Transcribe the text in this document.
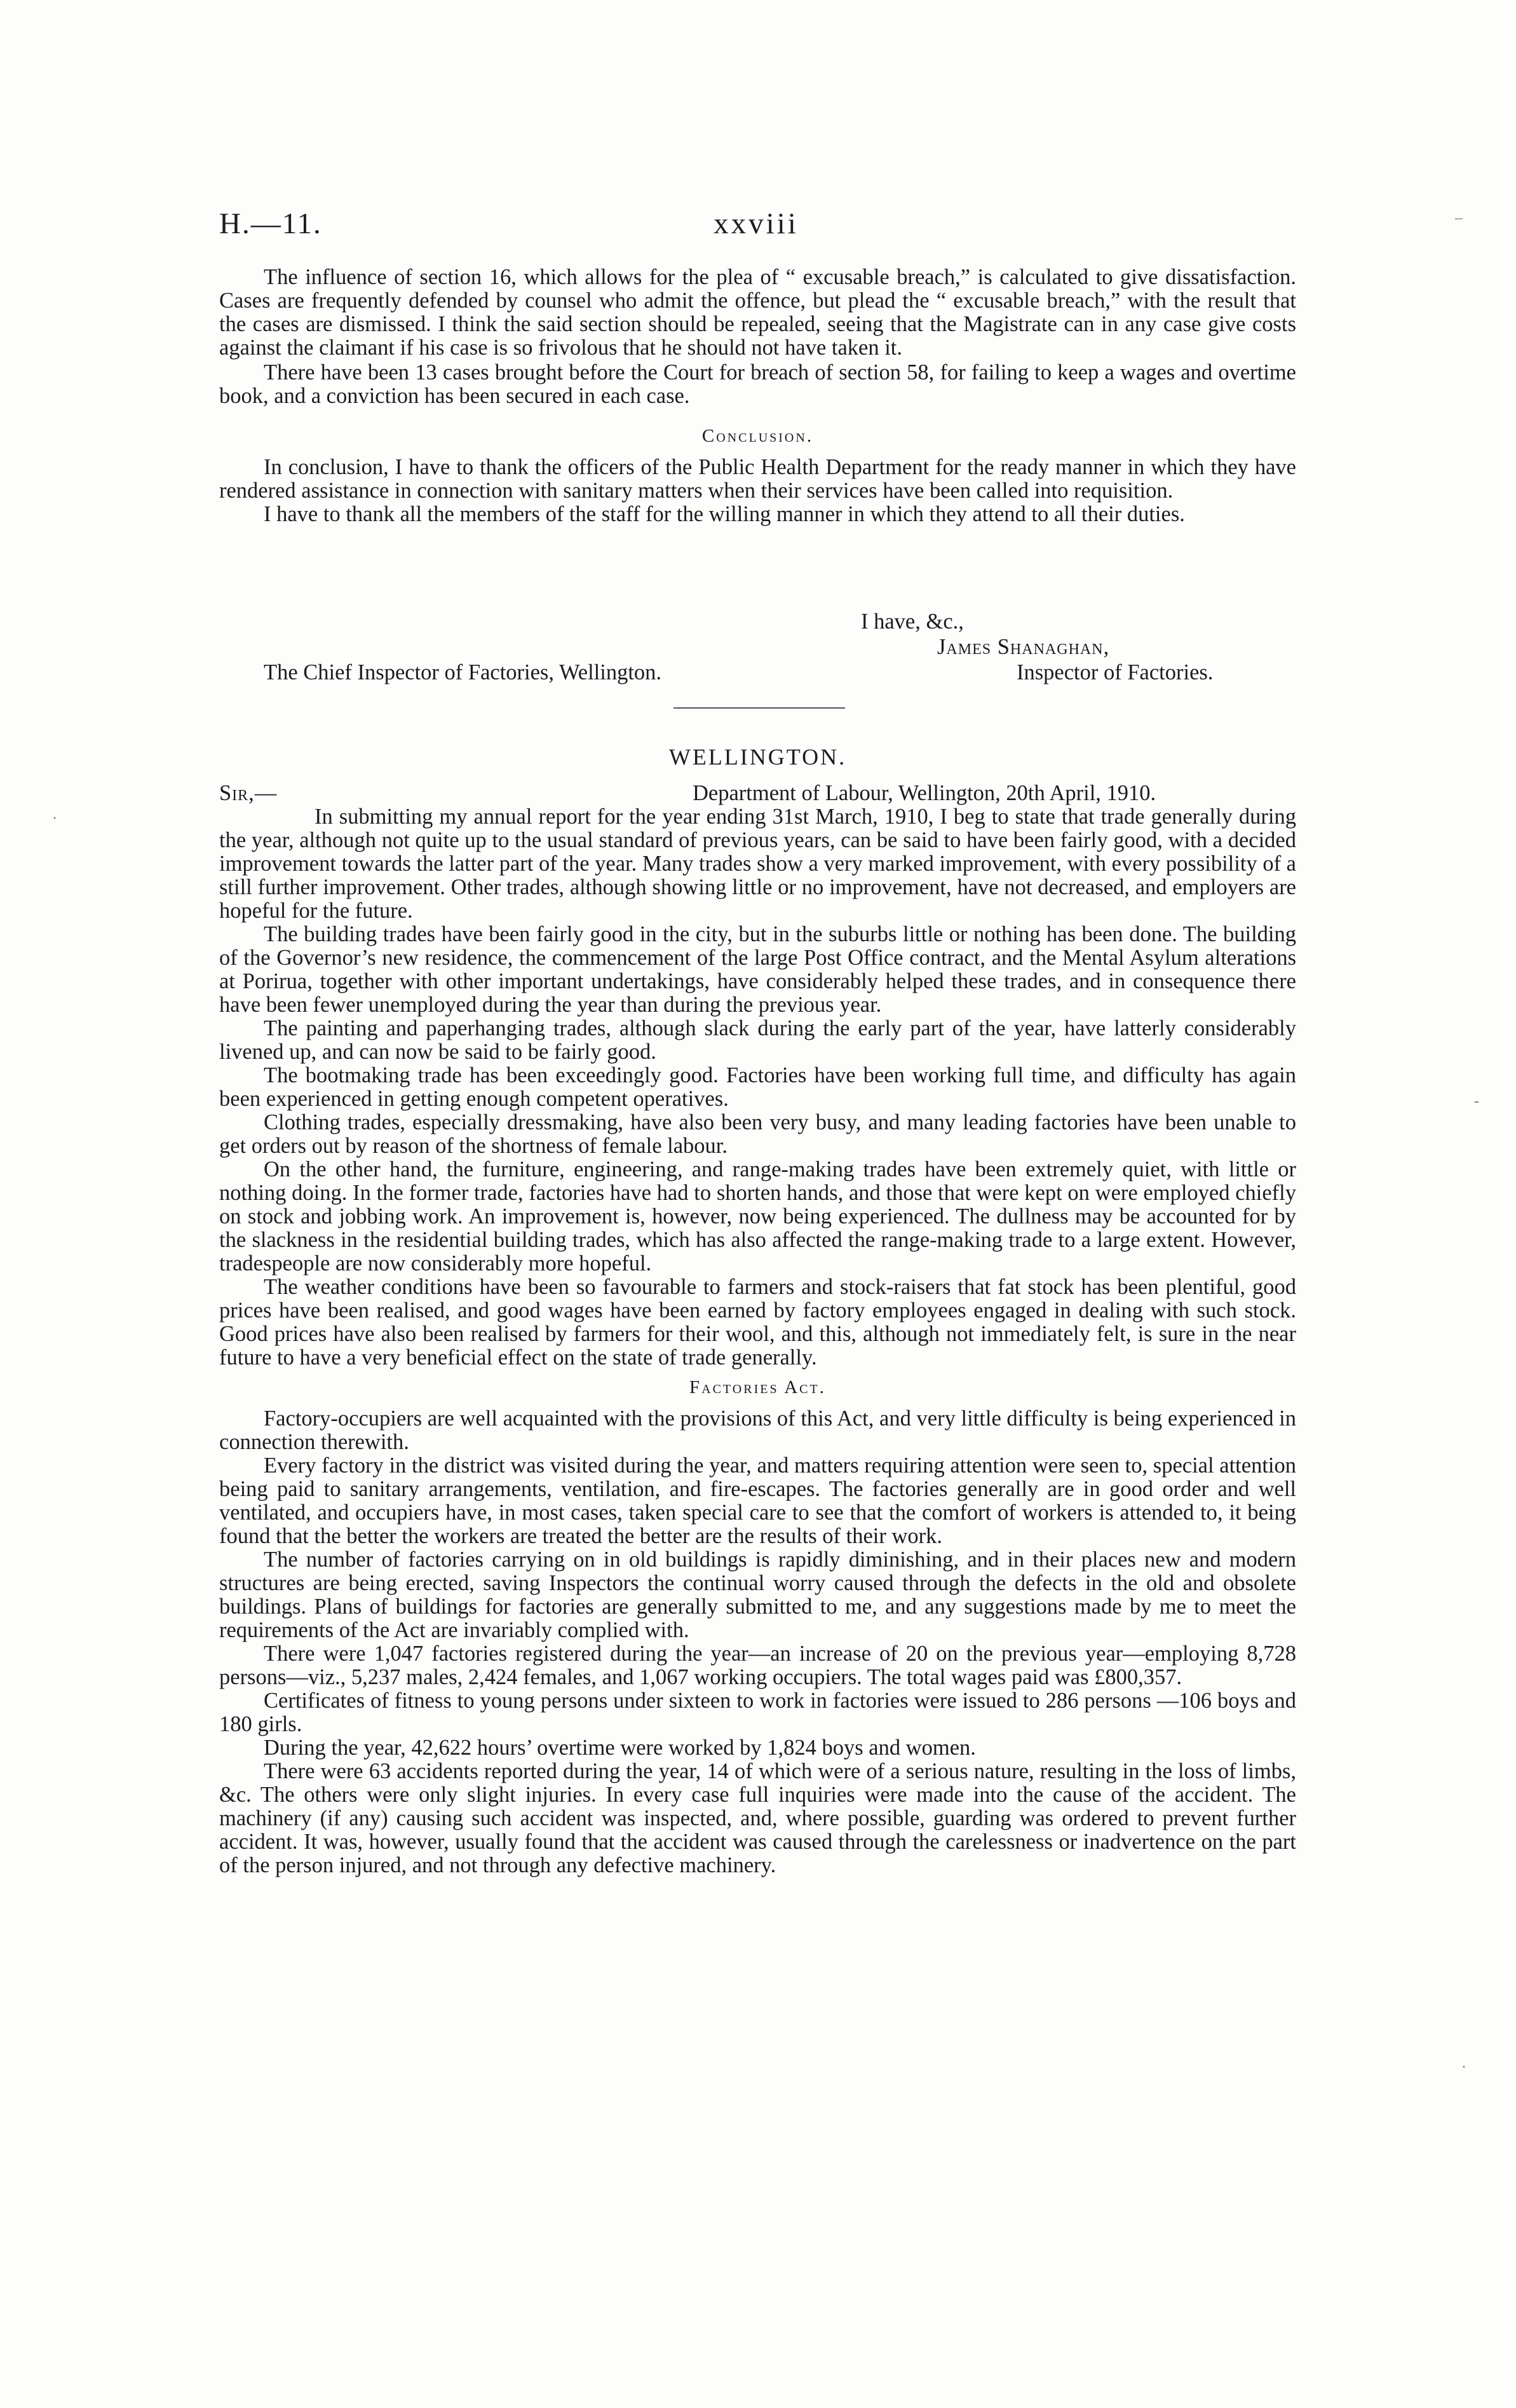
H.—11.	xxviii

The influence of section 16, which allows for the plea of “ excusable breach,” is calculated to give dissatisfaction. Cases are frequently defended by counsel who admit the offence, but plead the “ excusable breach,” with the result that the cases are dismissed. I think the said section should be repealed, seeing that the Magistrate can in any case give costs against the claimant if his case is so frivolous that he should not have taken it.

There have been 13 cases brought before the Court for breach of section 58, for failing to keep a wages and overtime book, and a conviction has been secured in each case.

Conclusion.

In conclusion, I have to thank the officers of the Public Health Department for the ready manner in which they have rendered assistance in connection with sanitary matters when their services have been called into requisition.

I have to thank all the members of the staff for the willing manner in which they attend to all their duties.

I have, &c.,
James Shanaghan,
The Chief Inspector of Factories, Wellington.	Inspector of Factories.
WELLINGTON.
Sir,—	Department of Labour, Wellington, 20th April, 1910.

In submitting my annual report for the year ending 31st March, 1910, I beg to state that trade generally during the year, although not quite up to the usual standard of previous years, can be said to have been fairly good, with a decided improvement towards the latter part of the year. Many trades show a very marked improvement, with every possibility of a still further improvement. Other trades, although showing little or no improvement, have not decreased, and employers are hopeful for the future.

The building trades have been fairly good in the city, but in the suburbs little or nothing has been done. The building of the Governor’s new residence, the commencement of the large Post Office contract, and the Mental Asylum alterations at Porirua, together with other important undertakings, have considerably helped these trades, and in consequence there have been fewer unemployed during the year than during the previous year.

The painting and paperhanging trades, although slack during the early part of the year, have latterly considerably livened up, and can now be said to be fairly good.

The bootmaking trade has been exceedingly good. Factories have been working full time, and difficulty has again been experienced in getting enough competent operatives.

Clothing trades, especially dressmaking, have also been very busy, and many leading factories have been unable to get orders out by reason of the shortness of female labour.

On the other hand, the furniture, engineering, and range-making trades have been extremely quiet, with little or nothing doing. In the former trade, factories have had to shorten hands, and those that were kept on were employed chiefly on stock and jobbing work. An improvement is, however, now being experienced. The dullness may be accounted for by the slackness in the residential building trades, which has also affected the range-making trade to a large extent. However, tradespeople are now considerably more hopeful.

The weather conditions have been so favourable to farmers and stock-raisers that fat stock has been plentiful, good prices have been realised, and good wages have been earned by factory employees engaged in dealing with such stock. Good prices have also been realised by farmers for their wool, and this, although not immediately felt, is sure in the near future to have a very beneficial effect on the state of trade generally.

Factories Act.

Factory-occupiers are well acquainted with the provisions of this Act, and very little difficulty is being experienced in connection therewith.

Every factory in the district was visited during the year, and matters requiring attention were seen to, special attention being paid to sanitary arrangements, ventilation, and fire-escapes. The factories generally are in good order and well ventilated, and occupiers have, in most cases, taken special care to see that the comfort of workers is attended to, it being found that the better the workers are treated the better are the results of their work.

The number of factories carrying on in old buildings is rapidly diminishing, and in their places new and modern structures are being erected, saving Inspectors the continual worry caused through the defects in the old and obsolete buildings. Plans of buildings for factories are generally submitted to me, and any suggestions made by me to meet the requirements of the Act are invariably complied with.

There were 1,047 factories registered during the year—an increase of 20 on the previous year—employing 8,728 persons—viz., 5,237 males, 2,424 females, and 1,067 working occupiers. The total wages paid was £800,357.

Certificates of fitness to young persons under sixteen to work in factories were issued to 286 persons —106 boys and 180 girls.

During the year, 42,622 hours’ overtime were worked by 1,824 boys and women.

There were 63 accidents reported during the year, 14 of which were of a serious nature, resulting in the loss of limbs, &c. The others were only slight injuries. In every case full inquiries were made into the cause of the accident. The machinery (if any) causing such accident was inspected, and, where possible, guarding was ordered to prevent further accident. It was, however, usually found that the accident was caused through the carelessness or inadvertence on the part of the person injured, and not through any defective machinery.

–
-
·
·
